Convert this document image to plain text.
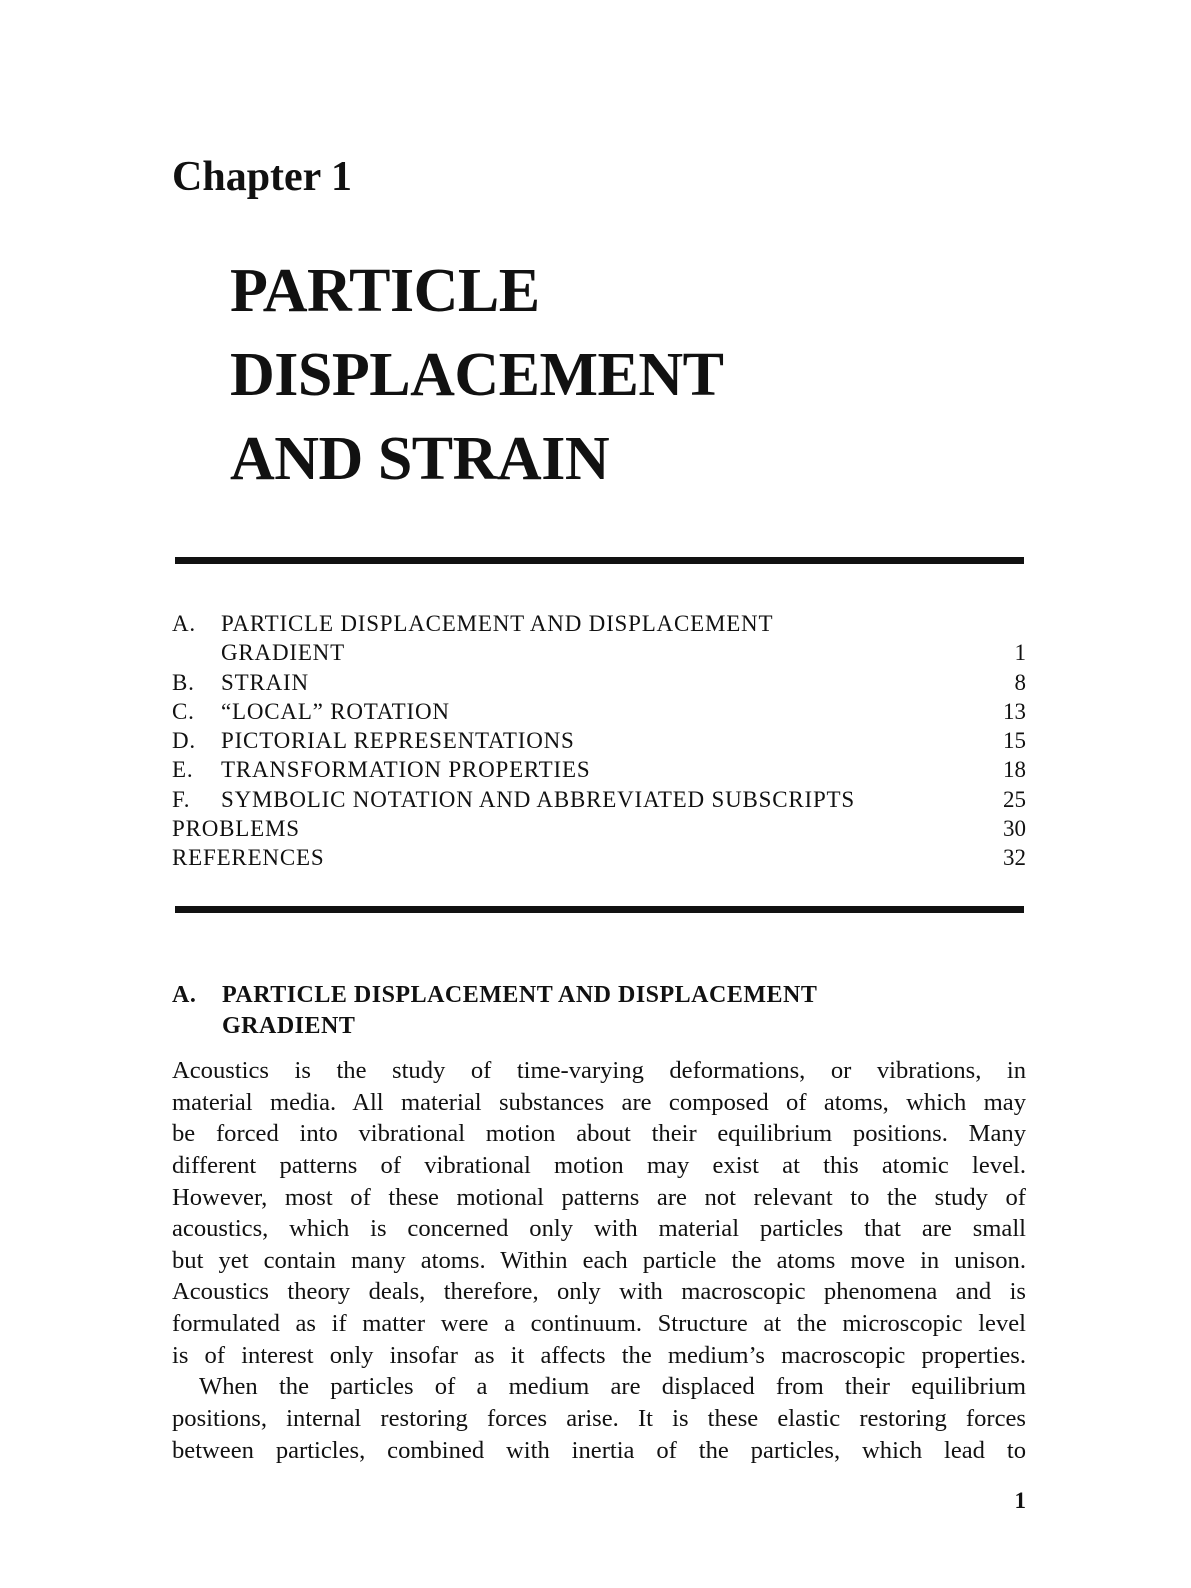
Chapter 1
PARTICLE
DISPLACEMENT
AND STRAIN
A.	PARTICLE DISPLACEMENT AND DISPLACEMENT
GRADIENT	1
B.	STRAIN	8
C.	“LOCAL” ROTATION	13
D.	PICTORIAL REPRESENTATIONS	15
E.	TRANSFORMATION PROPERTIES	18
F.	SYMBOLIC NOTATION AND ABBREVIATED SUBSCRIPTS	25
PROBLEMS	30
REFERENCES	32
A.	PARTICLE DISPLACEMENT AND DISPLACEMENT
GRADIENT
Acoustics is the study of time-varying deformations, or vibrations, in
material media. All material substances are composed of atoms, which may
be forced into vibrational motion about their equilibrium positions. Many
different patterns of vibrational motion may exist at this atomic level.
However, most of these motional patterns are not relevant to the study of
acoustics, which is concerned only with material particles that are small
but yet contain many atoms. Within each particle the atoms move in unison.
Acoustics theory deals, therefore, only with macroscopic phenomena and is
formulated as if matter were a continuum. Structure at the microscopic level
is of interest only insofar as it affects the medium’s macroscopic properties.
When the particles of a medium are displaced from their equilibrium
positions, internal restoring forces arise. It is these elastic restoring forces
between particles, combined with inertia of the particles, which lead to
1
